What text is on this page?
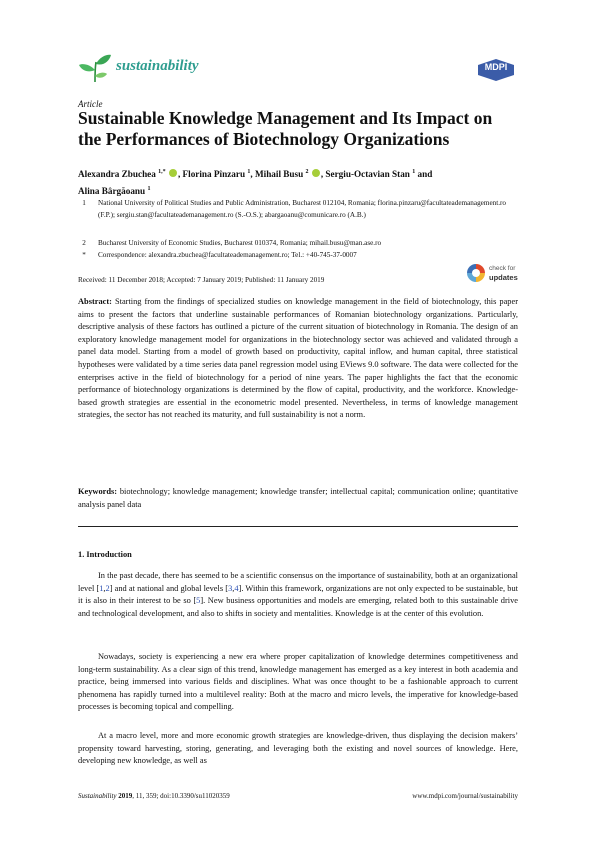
sustainability	MDPI
Article
Sustainable Knowledge Management and Its Impact on the Performances of Biotechnology Organizations
Alexandra Zbuchea $^{1,*}$ , Florina Pînzaru $^1$, Mihail Busu $^2$ , Sergiu-Octavian Stan $^1$ and
Alina Bârgăoanu $^1$
1	National University of Political Studies and Public Administration, Bucharest 012104, Romania; florina.pinzaru@facultateademanagement.ro (F.P.); sergiu.stan@facultateademanagement.ro (S.-O.S.); abargaoanu@comunicare.ro (A.B.)
2	Bucharest University of Economic Studies, Bucharest 010374, Romania; mihail.busu@man.ase.ro
*	Correspondence: alexandra.zbuchea@facultateademanagement.ro; Tel.: +40-745-37-0007
Received: 11 December 2018; Accepted: 7 January 2019; Published: 11 January 2019
check for
updates
Abstract: Starting from the findings of specialized studies on knowledge management in the field of biotechnology, this paper aims to present the factors that underline sustainable performances of Romanian biotechnology organizations. Particularly, descriptive analysis of these factors has outlined a picture of the current situation of biotechnology in Romania. The design of an exploratory knowledge management model for organizations in the biotechnology sector was achieved and validated through a panel data model. Starting from a model of growth based on productivity, capital inflow, and human capital, three statistical hypotheses were validated by a time series data panel regression model using EViews 9.0 software. The data were collected for the enterprises active in the field of biotechnology for a period of nine years. The paper highlights the fact that the economic performance of biotechnology organizations is determined by the flow of capital, productivity, and the workforce. Knowledge-based growth strategies are essential in the econometric model presented. Nevertheless, in terms of knowledge management strategies, the sector has not reached its maturity, and full sustainability is not a norm.
Keywords: biotechnology; knowledge management; knowledge transfer; intellectual capital; communication online; quantitative analysis panel data
1. Introduction
In the past decade, there has seemed to be a scientific consensus on the importance of sustainability, both at an organizational level [1,2] and at national and global levels [3,4]. Within this framework, organizations are not only expected to be sustainable, but it is also in their interest to be so [5]. New business opportunities and models are emerging, related both to this sustainable drive and technological development, and also to shifts in society and mentalities. Knowledge is at the center of this evolution.
Nowadays, society is experiencing a new era where proper capitalization of knowledge determines competitiveness and long-term sustainability. As a clear sign of this trend, knowledge management has emerged as a key interest in both academia and practice, being immersed into various fields and disciplines. What was once thought to be a fashionable approach to current phenomena has rapidly turned into a multilevel reality: Both at the macro and micro levels, the imperative for knowledge-based processes is becoming topical and compelling.
At a macro level, more and more economic growth strategies are knowledge-driven, thus displaying the decision makers’ propensity toward harvesting, storing, generating, and leveraging both the existing and novel sources of knowledge. Here, developing new knowledge, as well as
Sustainability 2019, 11, 359; doi:10.3390/su11020359	www.mdpi.com/journal/sustainability
